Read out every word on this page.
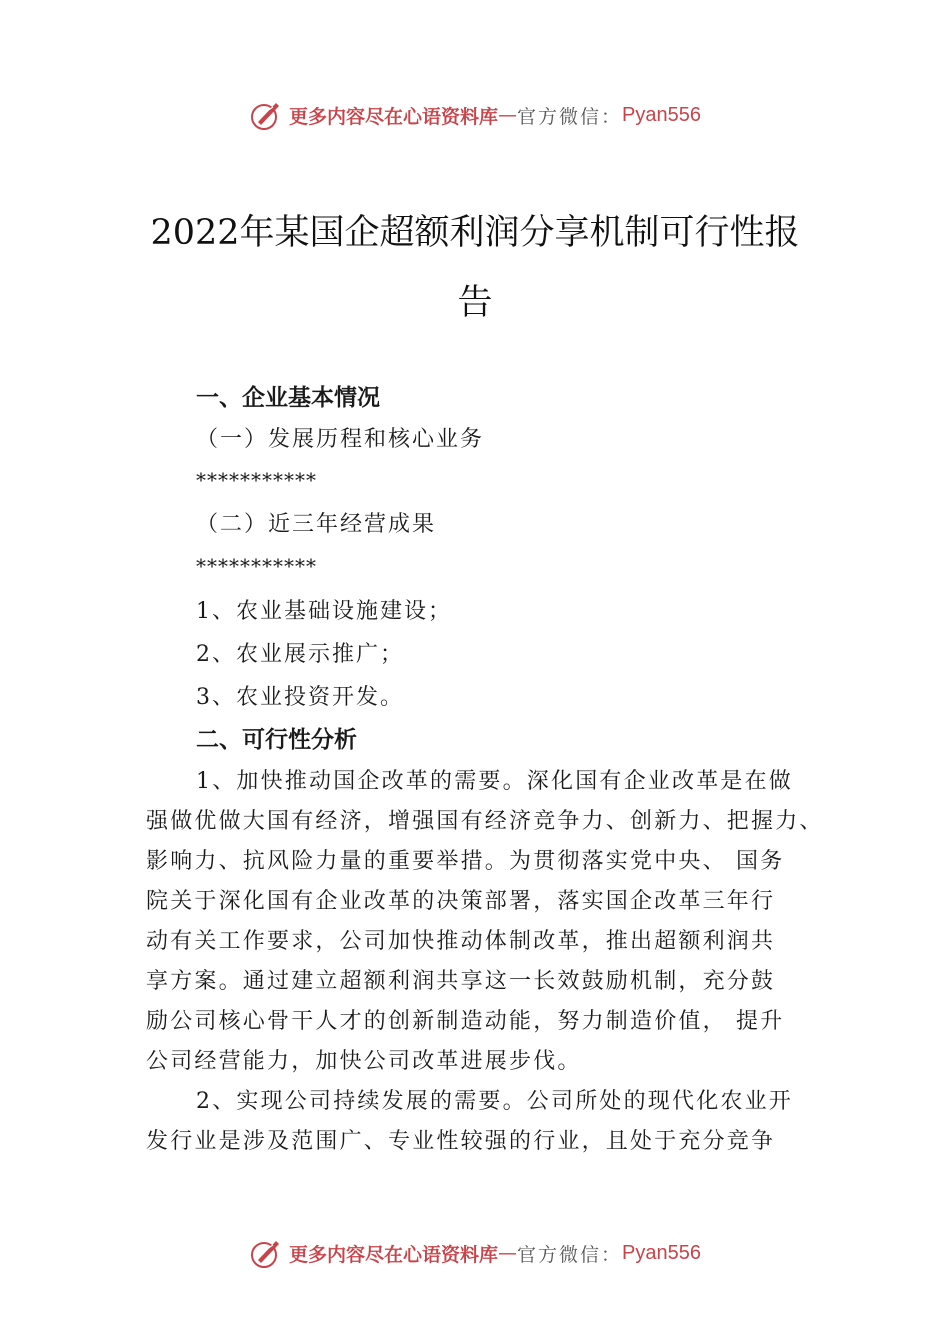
更多内容尽在心语资料库 — 官方微信： Pyan556
2022年某国企超额利润分享机制可行性报
告
一、企业基本情况
（一）发展历程和核心业务
***********
（二）近三年经营成果
***********
1、农业基础设施建设；
2、农业展示推广；
3、农业投资开发。
二、可行性分析
1、加快推动国企改革的需要。深化国有企业改革是在做
强做优做大国有经济，增强国有经济竞争力、创新力、把握力、
影响力、抗风险力量的重要举措。为贯彻落实党中央、 国务
院关于深化国有企业改革的决策部署，落实国企改革三年行
动有关工作要求，公司加快推动体制改革，推出超额利润共
享方案。通过建立超额利润共享这一长效鼓励机制，充分鼓
励公司核心骨干人才的创新制造动能，努力制造价值， 提升
公司经营能力，加快公司改革进展步伐。
2、实现公司持续发展的需要。公司所处的现代化农业开
发行业是涉及范围广、专业性较强的行业，且处于充分竞争
更多内容尽在心语资料库 — 官方微信： Pyan556
